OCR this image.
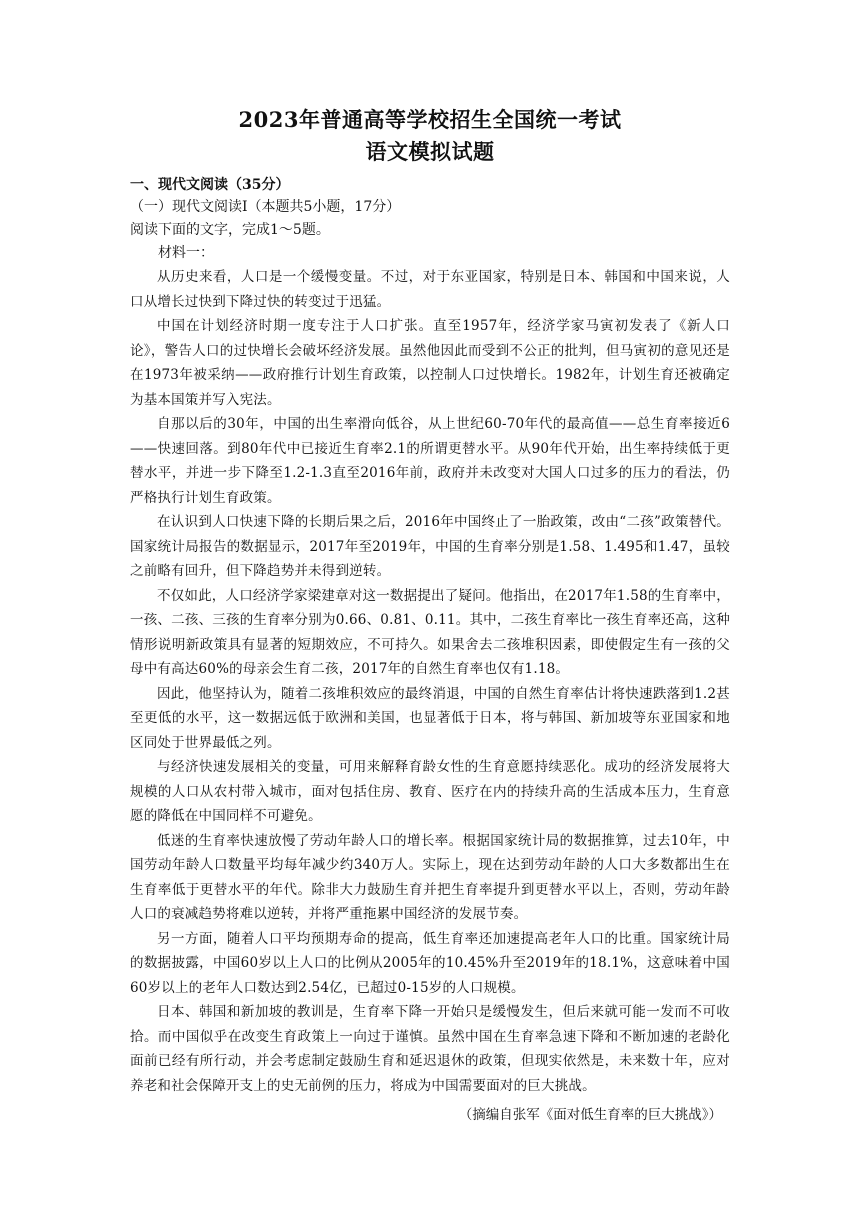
2023年普通高等学校招生全国统一考试
语文模拟试题

一、现代文阅读（35分）

（一）现代文阅读Ⅰ（本题共5小题，17分）

阅读下面的文字，完成1～5题。

材料一：

从历史来看，人口是一个缓慢变量。不过，对于东亚国家，特别是日本、韩国和中国来说，人口从增长过快到下降过快的转变过于迅猛。

中国在计划经济时期一度专注于人口扩张。直至1957年，经济学家马寅初发表了《新人口论》，警告人口的过快增长会破坏经济发展。虽然他因此而受到不公正的批判，但马寅初的意见还是在1973年被采纳——政府推行计划生育政策，以控制人口过快增长。1982年，计划生育还被确定为基本国策并写入宪法。

自那以后的30年，中国的出生率滑向低谷，从上世纪60-70年代的最高值——总生育率接近6——快速回落。到80年代中已接近生育率2.1的所谓更替水平。从90年代开始，出生率持续低于更替水平，并进一步下降至1.2-1.3直至2016年前，政府并未改变对大国人口过多的压力的看法，仍严格执行计划生育政策。

在认识到人口快速下降的长期后果之后，2016年中国终止了一胎政策，改由“二孩”政策替代。国家统计局报告的数据显示，2017年至2019年，中国的生育率分别是1.58、1.495和1.47，虽较之前略有回升，但下降趋势并未得到逆转。

不仅如此，人口经济学家梁建章对这一数据提出了疑问。他指出，在2017年1.58的生育率中，一孩、二孩、三孩的生育率分别为0.66、0.81、0.11。其中，二孩生育率比一孩生育率还高，这种情形说明新政策具有显著的短期效应，不可持久。如果舍去二孩堆积因素，即使假定生有一孩的父母中有高达60%的母亲会生育二孩，2017年的自然生育率也仅有1.18。

因此，他坚持认为，随着二孩堆积效应的最终消退，中国的自然生育率估计将快速跌落到1.2甚至更低的水平，这一数据远低于欧洲和美国，也显著低于日本，将与韩国、新加坡等东亚国家和地区同处于世界最低之列。

与经济快速发展相关的变量，可用来解释育龄女性的生育意愿持续恶化。成功的经济发展将大规模的人口从农村带入城市，面对包括住房、教育、医疗在内的持续升高的生活成本压力，生育意愿的降低在中国同样不可避免。

低迷的生育率快速放慢了劳动年龄人口的增长率。根据国家统计局的数据推算，过去10年，中国劳动年龄人口数量平均每年减少约340万人。实际上，现在达到劳动年龄的人口大多数都出生在生育率低于更替水平的年代。除非大力鼓励生育并把生育率提升到更替水平以上，否则，劳动年龄人口的衰减趋势将难以逆转，并将严重拖累中国经济的发展节奏。

另一方面，随着人口平均预期寿命的提高，低生育率还加速提高老年人口的比重。国家统计局的数据披露，中国60岁以上人口的比例从2005年的10.45%升至2019年的18.1%，这意味着中国60岁以上的老年人口数达到2.54亿，已超过0-15岁的人口规模。

日本、韩国和新加坡的教训是，生育率下降一开始只是缓慢发生，但后来就可能一发而不可收拾。而中国似乎在改变生育政策上一向过于谨慎。虽然中国在生育率急速下降和不断加速的老龄化面前已经有所行动，并会考虑制定鼓励生育和延迟退休的政策，但现实依然是，未来数十年，应对养老和社会保障开支上的史无前例的压力，将成为中国需要面对的巨大挑战。

（摘编自张军《面对低生育率的巨大挑战》）
